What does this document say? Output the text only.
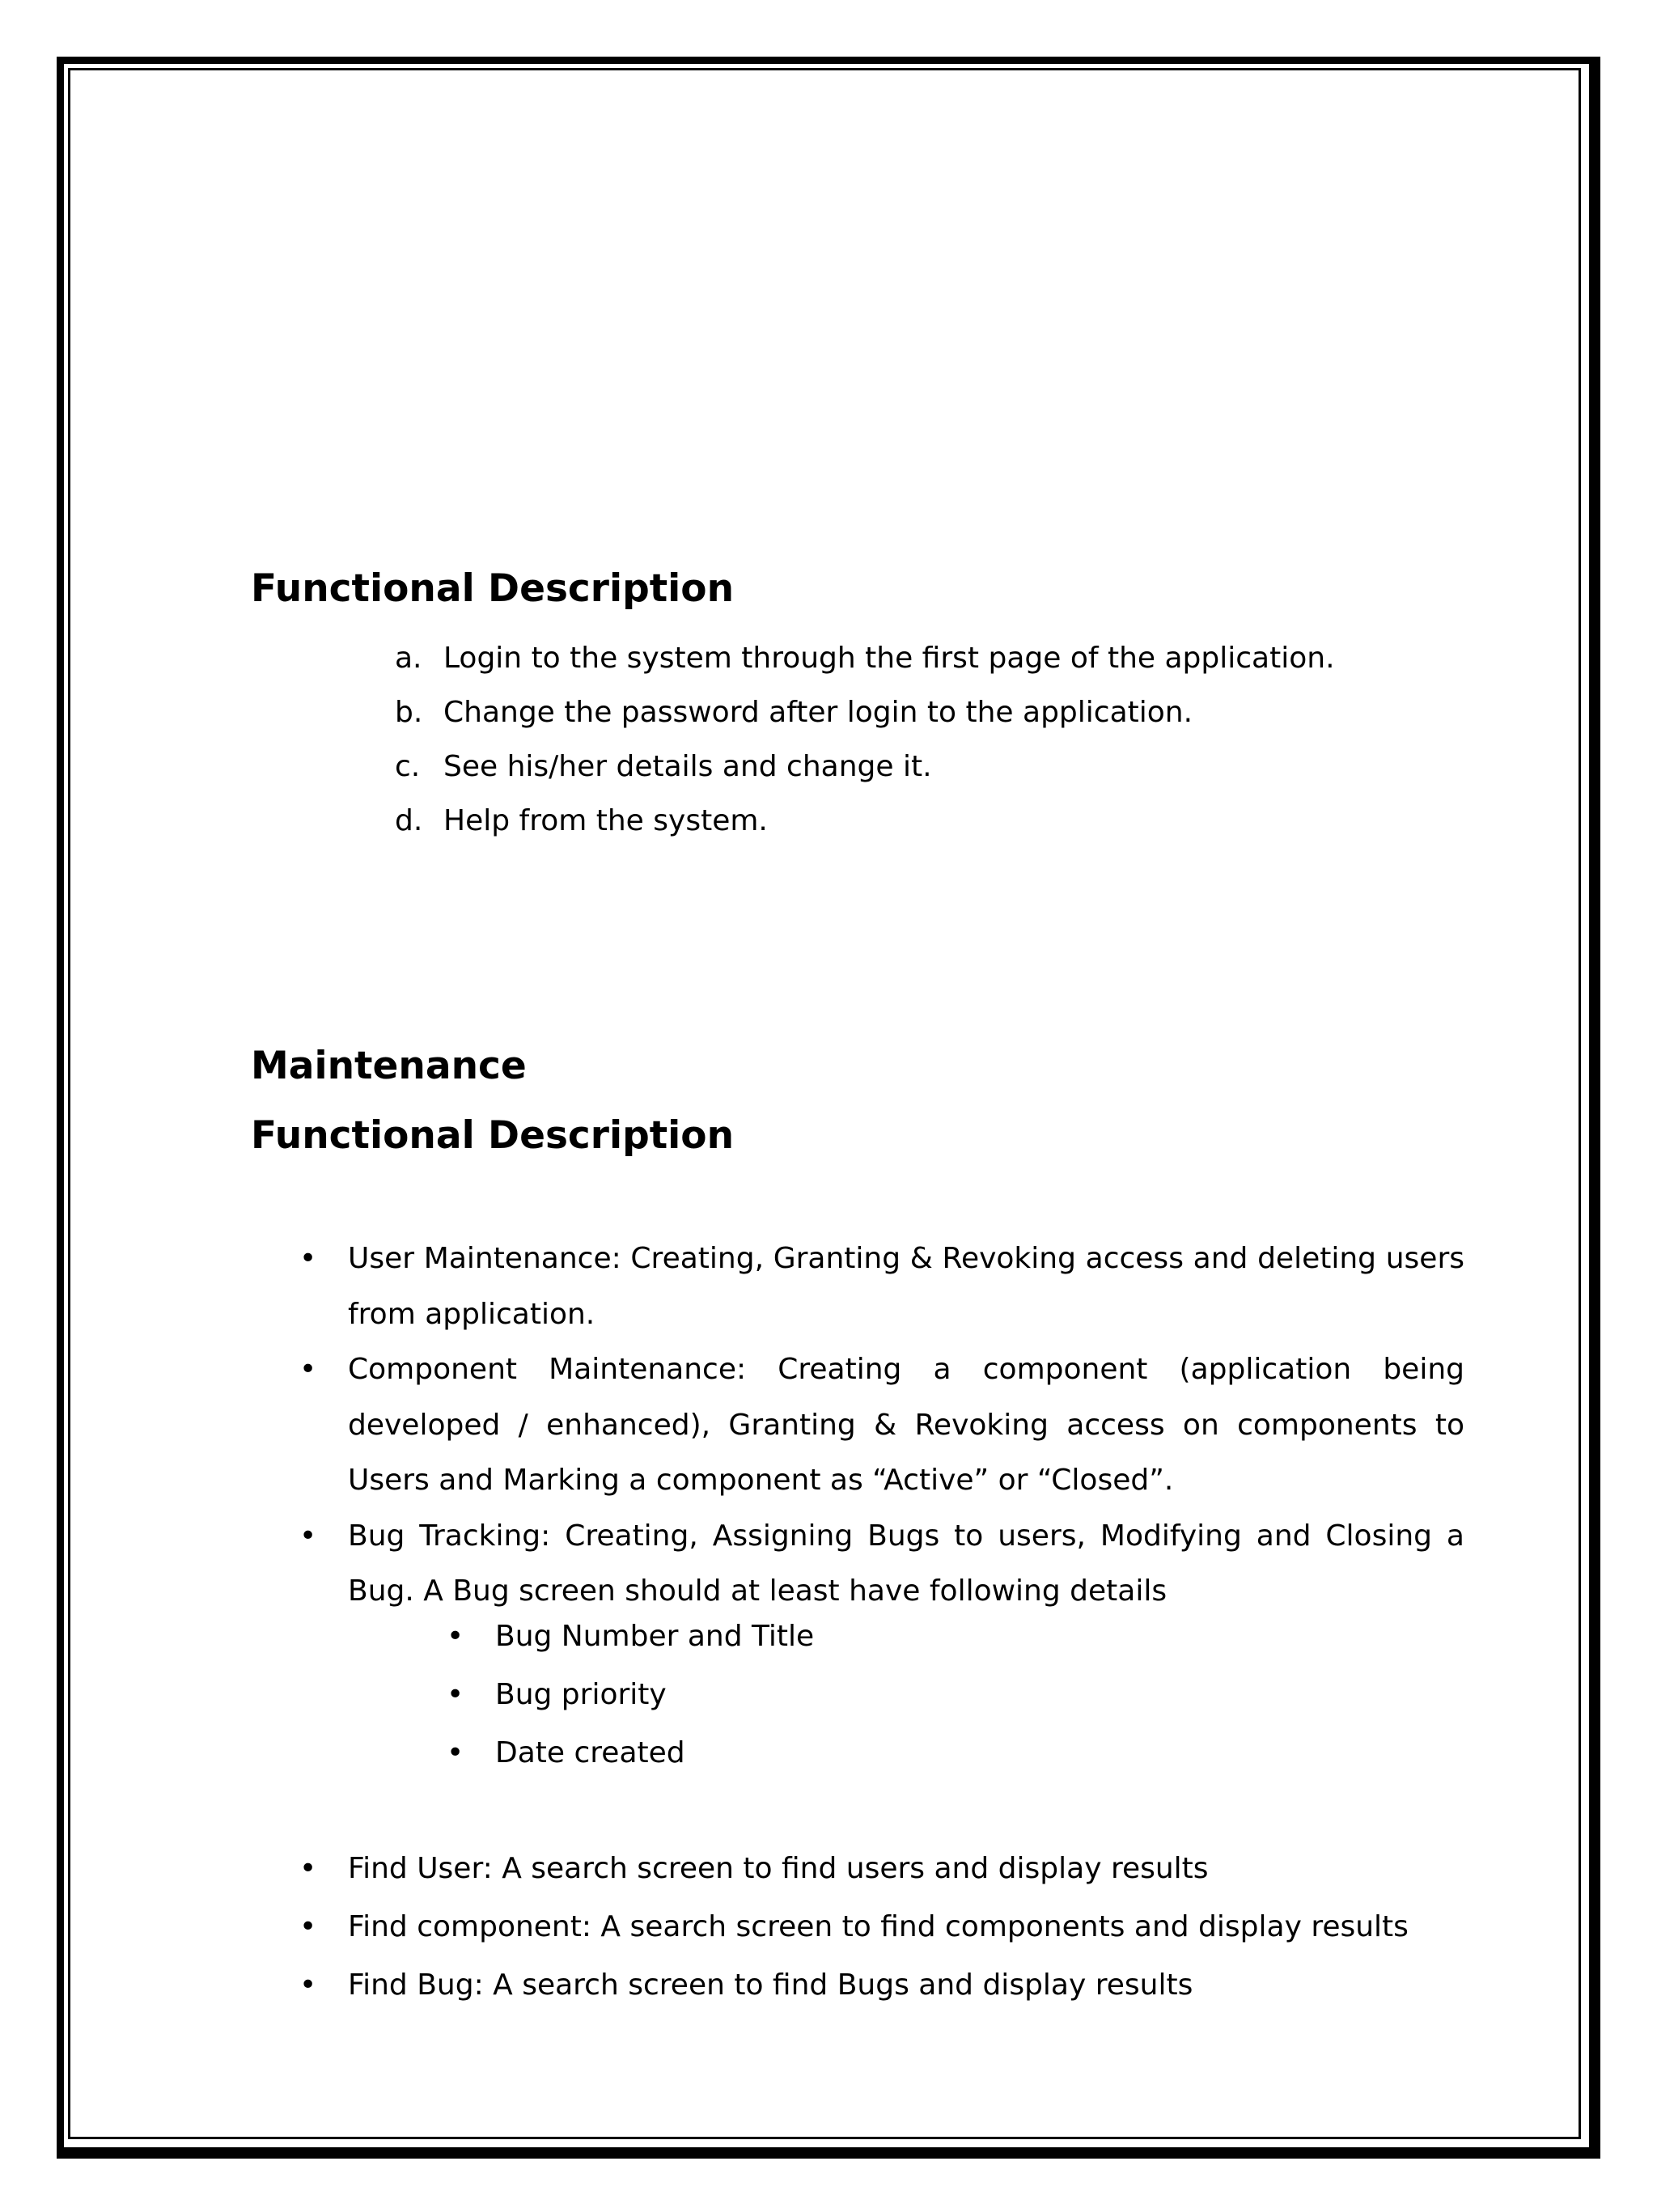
Functional Description
a. Login to the system through the first page of the application.
b. Change the password after login to the application.
c. See his/her details and change it.
d. Help from the system.
Maintenance
Functional Description
• User Maintenance: Creating, Granting & Revoking access and deleting users from application.
• Component Maintenance: Creating a component (application being developed / enhanced), Granting & Revoking access on components to Users and Marking a component as “Active” or “Closed”.
• Bug Tracking: Creating, Assigning Bugs to users, Modifying and Closing a Bug. A Bug screen should at least have following details
• Bug Number and Title
• Bug priority
• Date created
• Find User: A search screen to find users and display results
• Find component: A search screen to find components and display results
• Find Bug: A search screen to find Bugs and display results
